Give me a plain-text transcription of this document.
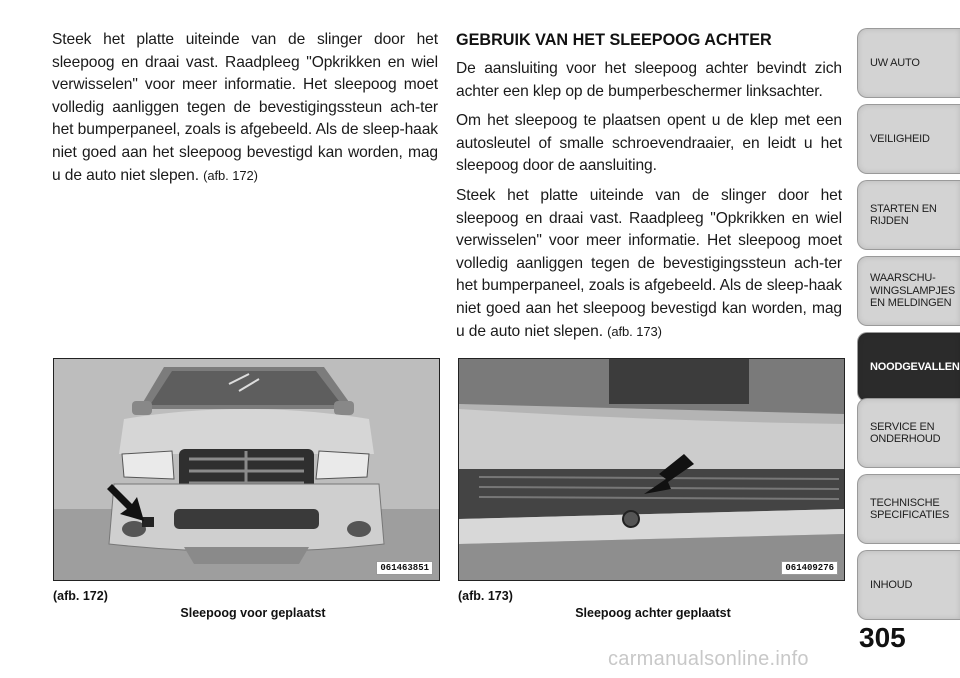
Steek het platte uiteinde van de slinger door het sleepoog en draai vast. Raadpleeg "Opkrikken en wiel verwisselen" voor meer informatie. Het sleepoog moet volledig aanliggen tegen de bevestigingssteun ach-ter het bumperpaneel, zoals is afgebeeld. Als de sleep-haak niet goed aan het sleepoog bevestigd kan worden, mag u de auto niet slepen. (afb. 172)

GEBRUIK VAN HET SLEEPOOG ACHTER

De aansluiting voor het sleepoog achter bevindt zich achter een klep op de bumperbeschermer linksachter.

Om het sleepoog te plaatsen opent u de klep met een autosleutel of smalle schroevendraaier, en leidt u het sleepoog door de aansluiting.

Steek het platte uiteinde van de slinger door het sleepoog en draai vast. Raadpleeg "Opkrikken en wiel verwisselen" voor meer informatie. Het sleepoog moet volledig aanliggen tegen de bevestigingssteun ach-ter het bumperpaneel, zoals is afgebeeld. Als de sleep-haak niet goed aan het sleepoog bevestigd kan worden, mag u de auto niet slepen. (afb. 173)

061463851
(afb. 172)
Sleepoog voor geplaatst
061409276
(afb. 173)
Sleepoog achter geplaatst
UW AUTO
VEILIGHEID
STARTEN EN
RIJDEN
WAARSCHU-
WINGSLAMPJES
EN MELDINGEN
NOODGEVALLEN
SERVICE EN
ONDERHOUD
TECHNISCHE
SPECIFICATIES
INHOUD
305
carmanualsonline.info
